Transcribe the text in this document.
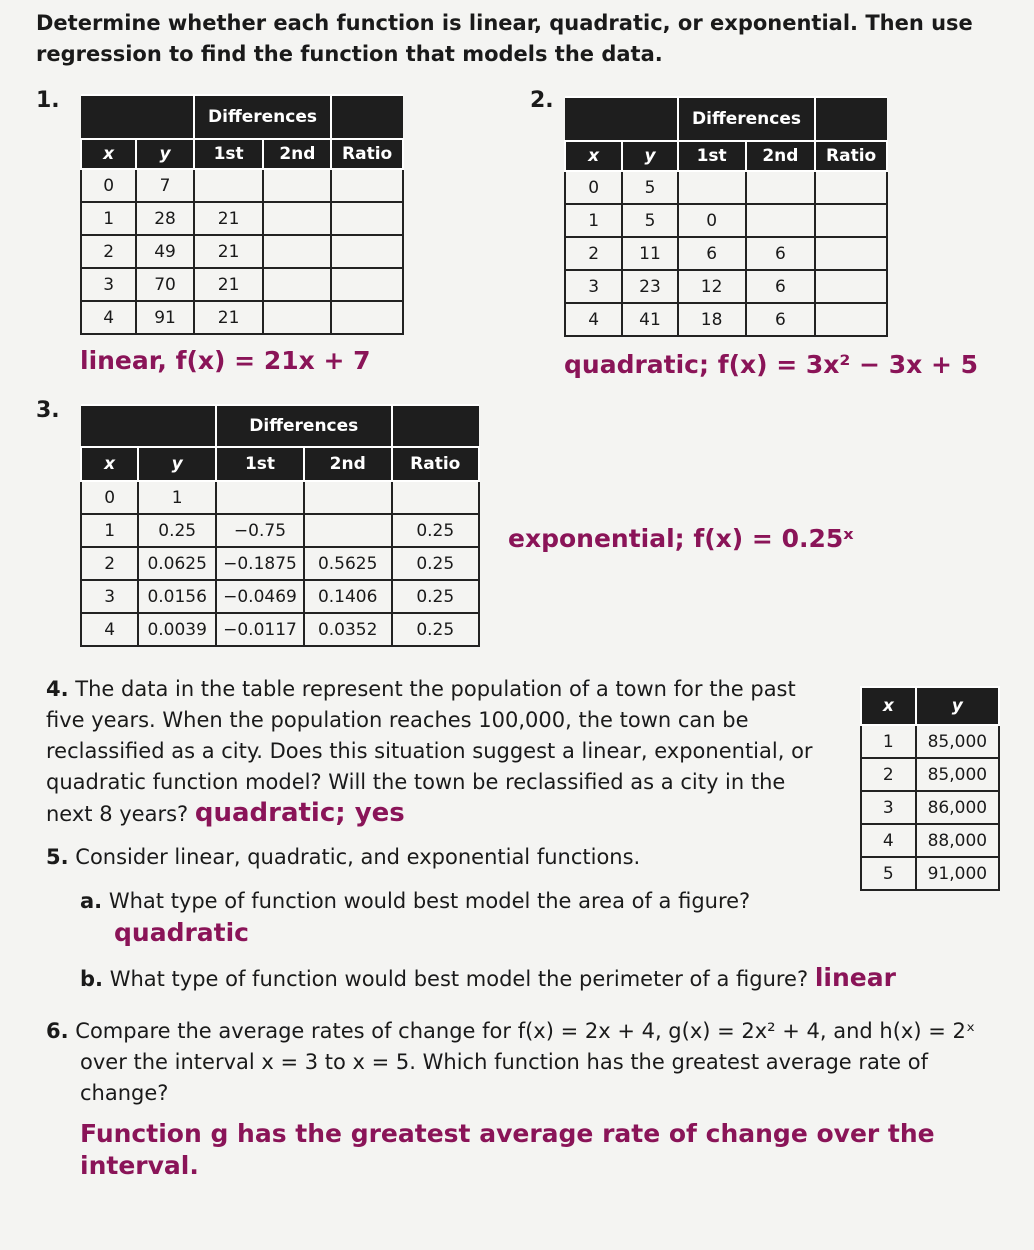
Determine whether each function is linear, quadratic, or exponential. Then use regression to find the function that models the data.
1.
		Differences		
x	y	1st	2nd	Ratio
0	7			
1	28	21		
2	49	21		
3	70	21		
4	91	21		
linear, f(x) = 21x + 7
2.
		Differences		
x	y	1st	2nd	Ratio
0	5			
1	5	0		
2	11	6	6	
3	23	12	6	
4	41	18	6	
quadratic; f(x) = 3x² − 3x + 5
3.
		Differences		
x	y	1st	2nd	Ratio
0	1			
1	0.25	−0.75		0.25
2	0.0625	−0.1875	0.5625	0.25
3	0.0156	−0.0469	0.1406	0.25
4	0.0039	−0.0117	0.0352	0.25
exponential; f(x) = 0.25ˣ
4. The data in the table represent the population of a town for the past five years. When the population reaches 100,000, the town can be reclassified as a city. Does this situation suggest a linear, exponential, or quadratic function model? Will the town be reclassified as a city in the next 8 years? quadratic; yes
x	y
1	85,000
2	85,000
3	86,000
4	88,000
5	91,000
5. Consider linear, quadratic, and exponential functions.
a. What type of function would best model the area of a figure? quadratic
b. What type of function would best model the perimeter of a figure? linear
6. Compare the average rates of change for f(x) = 2x + 4, g(x) = 2x² + 4, and h(x) = 2ˣ over the interval x = 3 to x = 5. Which function has the greatest average rate of change?
Function g has the greatest average rate of change over the interval.
